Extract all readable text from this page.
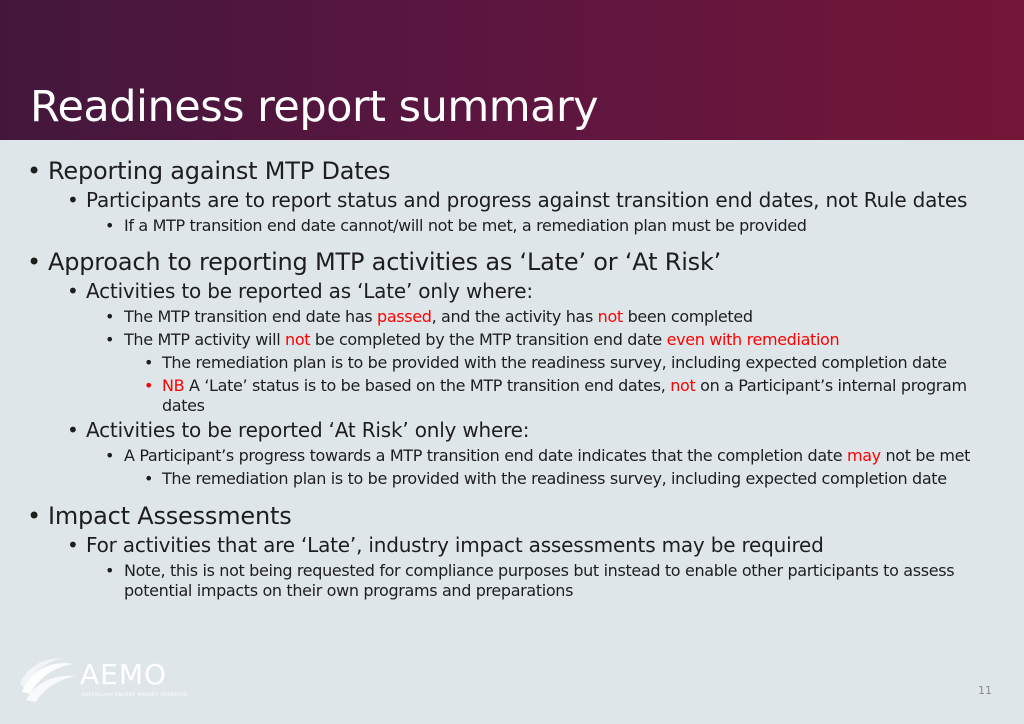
Readiness report summary
• Reporting against MTP Dates
• Participants are to report status and progress against transition end dates, not Rule dates
• If a MTP transition end date cannot/will not be met, a remediation plan must be provided
• Approach to reporting MTP activities as ‘Late’ or ‘At Risk’
• Activities to be reported as ‘Late’ only where:
• The MTP transition end date has passed, and the activity has not been completed
• The MTP activity will not be completed by the MTP transition end date even with remediation
• The remediation plan is to be provided with the readiness survey, including expected completion date
• NB A ‘Late’ status is to be based on the MTP transition end dates, not on a Participant’s internal program dates
• Activities to be reported ‘At Risk’ only where:
• A Participant’s progress towards a MTP transition end date indicates that the completion date may not be met
• The remediation plan is to be provided with the readiness survey, including expected completion date
• Impact Assessments
• For activities that are ‘Late’, industry impact assessments may be required
• Note, this is not being requested for compliance purposes but instead to enable other participants to assess potential impacts on their own programs and preparations
AEMO
AUSTRALIAN ENERGY MARKET OPERATOR	11
